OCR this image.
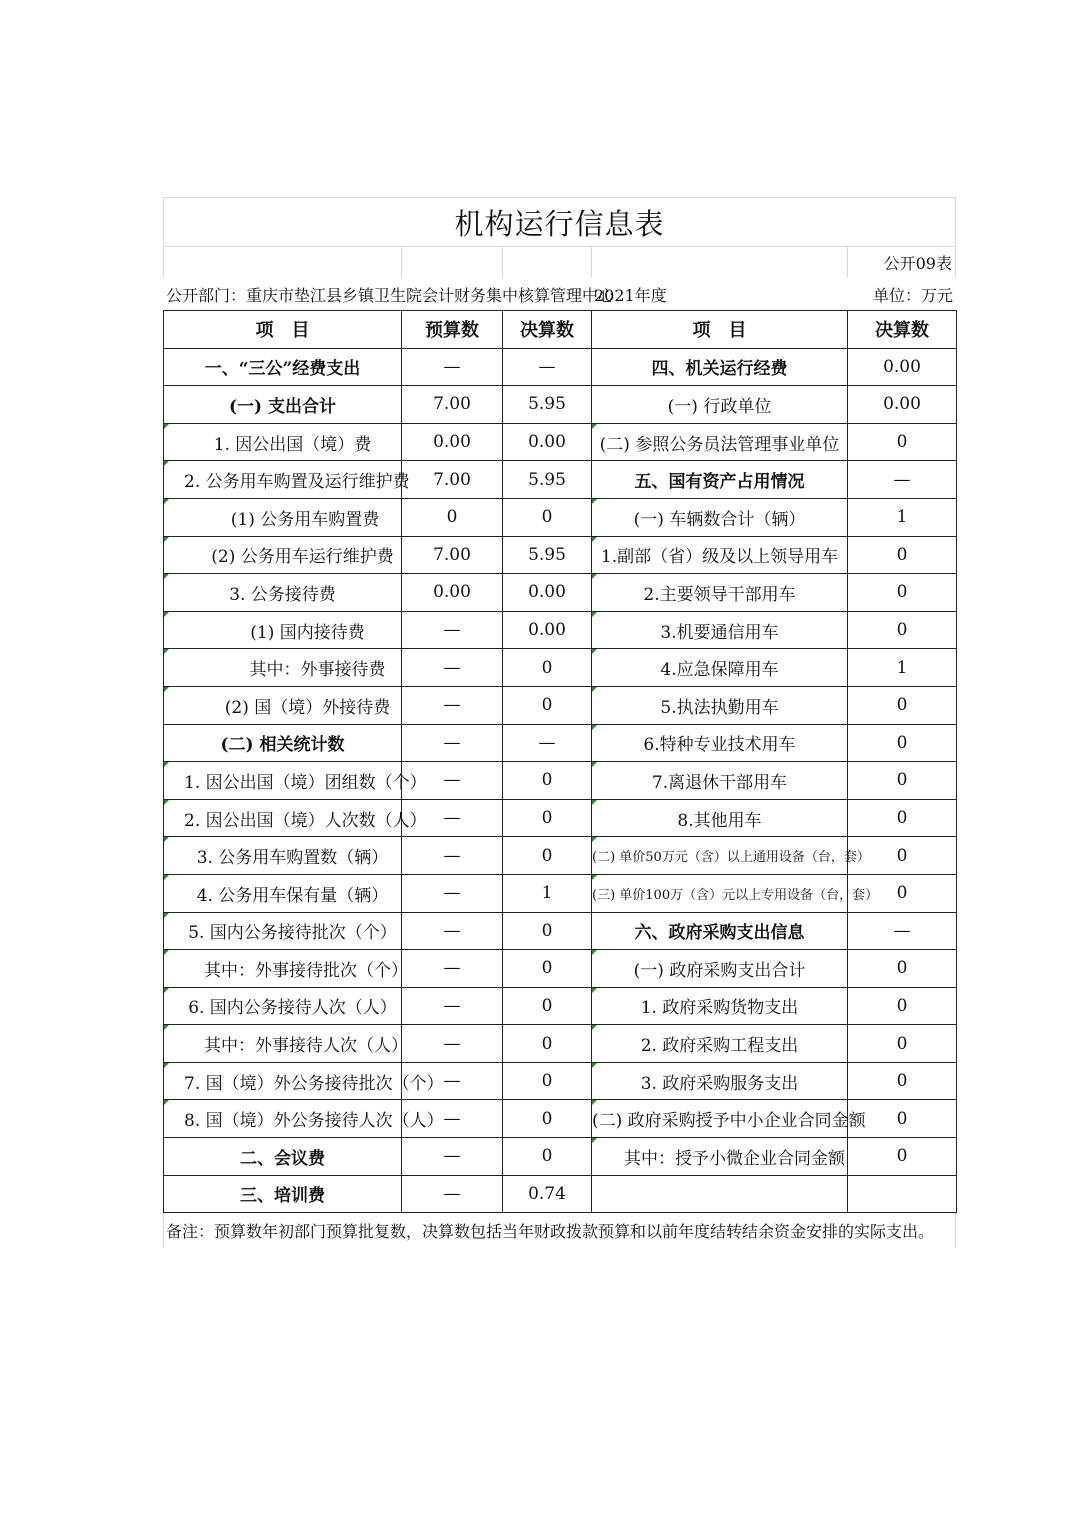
机构运行信息表
公开09表
公开部门：重庆市垫江县乡镇卫生院会计财务集中核算管理中心
2021年度	单位：万元
项　目	预算数	决算数	项　目	决算数
一、“三公”经费支出	—	—	四、机关运行经费	0.00
(一) 支出合计	7.00	5.95	(一) 行政单位	0.00
1. 因公出国（境）费	0.00	0.00	(二) 参照公务员法管理事业单位	0
2. 公务用车购置及运行维护费	7.00	5.95	五、国有资产占用情况	—
(1) 公务用车购置费	0	0	(一) 车辆数合计（辆）	1
(2) 公务用车运行维护费	7.00	5.95	1.副部（省）级及以上领导用车	0
3. 公务接待费	0.00	0.00	2.主要领导干部用车	0
(1) 国内接待费	—	0.00	3.机要通信用车	0
其中：外事接待费	—	0	4.应急保障用车	1
(2) 国（境）外接待费	—	0	5.执法执勤用车	0
(二) 相关统计数	—	—	6.特种专业技术用车	0
1. 因公出国（境）团组数（个）	—	0	7.离退休干部用车	0
2. 因公出国（境）人次数（人）	—	0	8.其他用车	0
3. 公务用车购置数（辆）	—	0	(二) 单价50万元（含）以上通用设备（台，套）	0
4. 公务用车保有量（辆）	—	1	(三) 单价100万（含）元以上专用设备（台，套）	0
5. 国内公务接待批次（个）	—	0	六、政府采购支出信息	—
其中：外事接待批次（个）	—	0	(一) 政府采购支出合计	0
6. 国内公务接待人次（人）	—	0	1. 政府采购货物支出	0
其中：外事接待人次（人）	—	0	2. 政府采购工程支出	0
7. 国（境）外公务接待批次（个）	—	0	3. 政府采购服务支出	0
8. 国（境）外公务接待人次（人）	—	0	(二) 政府采购授予中小企业合同金额	0
二、会议费	—	0	其中：授予小微企业合同金额	0
三、培训费	—	0.74		
备注：预算数年初部门预算批复数，决算数包括当年财政拨款预算和以前年度结转结余资金安排的实际支出。
